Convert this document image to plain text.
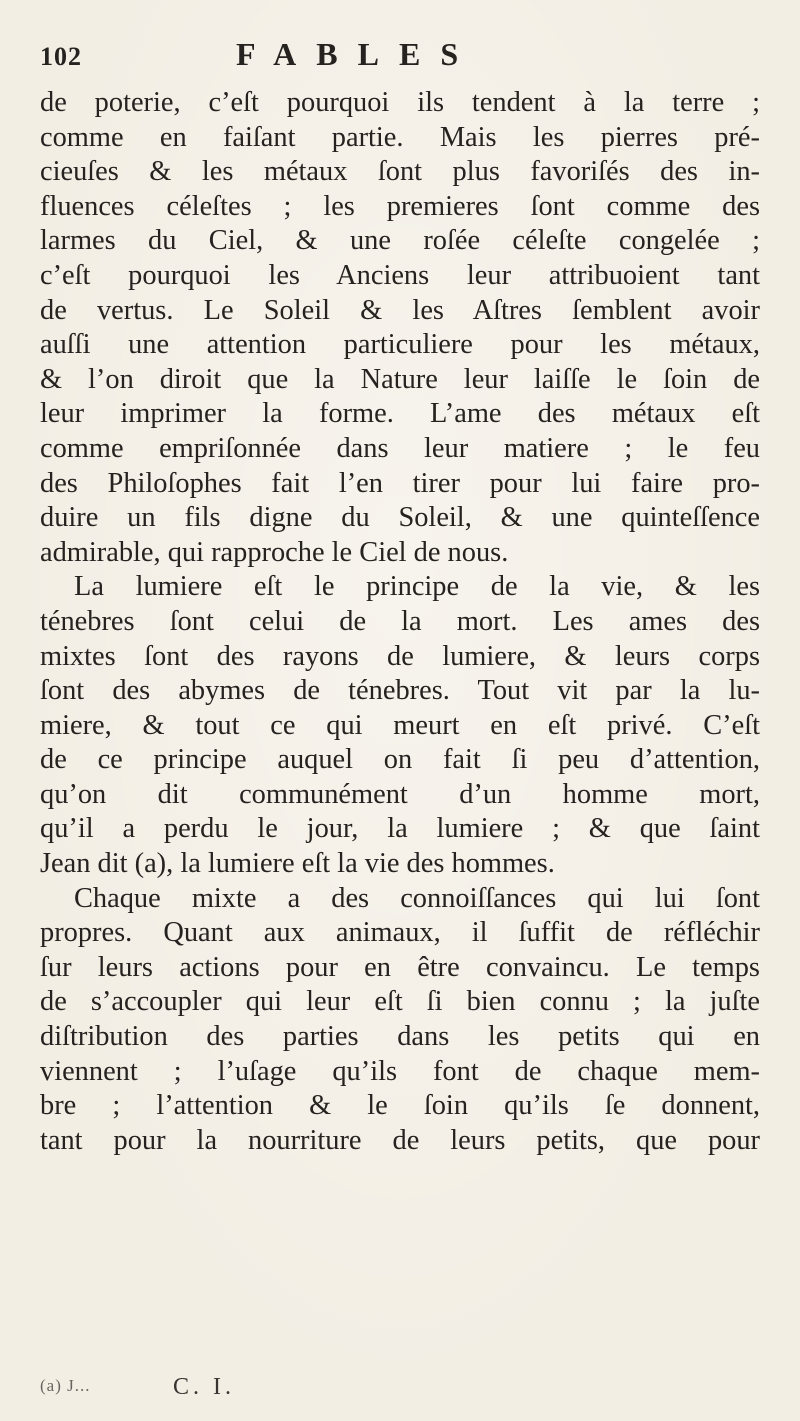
102	FABLES
de poterie, c’eſt pourquoi ils tendent à la terre ;
comme en faiſant partie. Mais les pierres pré-
cieuſes & les métaux ſont plus favoriſés des in-
fluences céleſtes ; les premieres ſont comme des
larmes du Ciel, & une roſée céleſte congelée ;
c’eſt pourquoi les Anciens leur attribuoient tant
de vertus. Le Soleil & les Aſtres ſemblent avoir
auſſi une attention particuliere pour les métaux,
& l’on diroit que la Nature leur laiſſe le ſoin de
leur imprimer la forme. L’ame des métaux eſt
comme empriſonnée dans leur matiere ; le feu
des Philoſophes fait l’en tirer pour lui faire pro-
duire un fils digne du Soleil, & une quinteſſence
admirable, qui rapproche le Ciel de nous.
La lumiere eſt le principe de la vie, & les
ténebres ſont celui de la mort. Les ames des
mixtes ſont des rayons de lumiere, & leurs corps
ſont des abymes de ténebres. Tout vit par la lu-
miere, & tout ce qui meurt en eſt privé. C’eſt
de ce principe auquel on fait ſi peu d’attention,
qu’on dit communément d’un homme mort,
qu’il a perdu le jour, la lumiere ; & que ſaint
Jean dit (a), la lumiere eſt la vie des hommes.
Chaque mixte a des connoiſſances qui lui ſont
propres. Quant aux animaux, il ſuffit de réfléchir
ſur leurs actions pour en être convaincu. Le temps
de s’accoupler qui leur eſt ſi bien connu ; la juſte
diſtribution des parties dans les petits qui en
viennent ; l’uſage qu’ils font de chaque mem-
bre ; l’attention & le ſoin qu’ils ſe donnent,
tant pour la nourriture de leurs petits, que pour
(a) J...	C. I.
